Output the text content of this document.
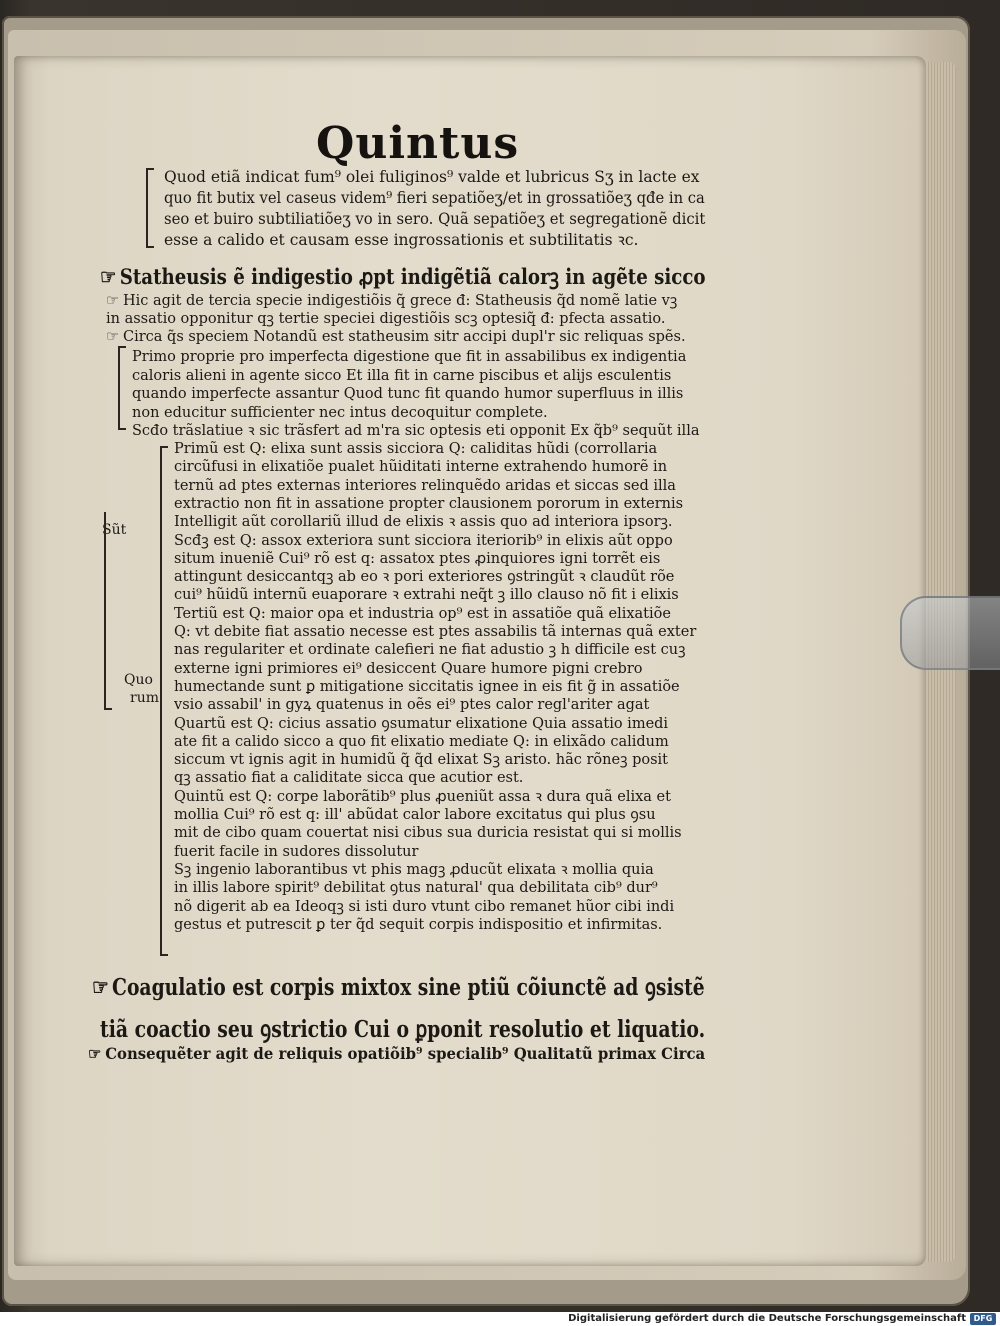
Quintus
Quod etiã indicat fum⁹ olei fuliginos⁹ valde et lubricus Sʒ in lacte ex
quo fit butix vel caseus videm⁹ fieri sepatiõeʒ/et in grossatiõeʒ qđe in ca
seo et buiro subtiliatiõeʒ vo in sero. Quã sepatiõeʒ et segregationẽ dicit
esse a calido et causam esse ingrossationis et subtilitatis ꝛc.
☞ Statheusis ẽ indigestio ꝓpt indigẽtiã calorꝫ in agẽte sicco
☞ Hic agit de tercia specie indigestiõis q̃ grece đ: Statheusis q̃d nomẽ latie vꝫ
in assatio opponitur qꝫ tertie speciei digestiõis scꝫ optesiq̃ đ: pfecta assatio.
☞ Circa q̃s speciem Notandũ est statheusim sitr accipi dupl'r sic reliquas spẽs.
Primo proprie pro imperfecta digestione que fit in assabilibus ex indigentia
caloris alieni in agente sicco Et illa fit in carne piscibus et alijs esculentis
quando imperfecte assantur Quod tunc fit quando humor superfluus in illis
non educitur sufficienter nec intus decoquitur complete.
Scđo trãslatiue ꝛ sic trãsfert ad m'ra sic optesis eti opponit Ex q̃b⁹ sequũt illa
Sũt
Quo
rum
Primũ est Q: elixa sunt assis sicciora Q: caliditas hũdi (corrollaria
circũfusi in elixatiõe pualet hũiditati interne extrahendo humorẽ in
ternũ ad ptes externas interiores relinquẽdo aridas et siccas sed illa
extractio non fit in assatione propter clausionem pororum in externis
Intelligit aũt corollariũ illud de elixis ꝛ assis quo ad interiora ipsorꝫ.
Scđꝫ est Q: assox exteriora sunt sicciora iteriorib⁹ in elixis aũt oppo
situm inueniẽ Cui⁹ rõ est q: assatox ptes ꝓinquiores igni torrẽt eis
attingunt desiccantqꝫ ab eo ꝛ pori exteriores ꝯstringũt ꝛ claudũt rõe
cui⁹ hũidũ internũ euaporare ꝛ extrahi neq̃t ꝫ illo clauso nõ fit i elixis
Tertiũ est Q: maior opa et industria op⁹ est in assatiõe quã elixatiõe
Q: vt debite fiat assatio necesse est ptes assabilis tã internas quã exter
nas regulariter et ordinate calefieri ne fiat adustio ꝫ h difficile est cuꝫ
externe igni primiores ei⁹ desiccent Quare humore pigni crebro
humectande sunt ꝑ mitigatione siccitatis ignee in eis fit g̃ in assatiõe
vsio assabil' in gyꝝ quatenus in oẽs ei⁹ ptes calor regl'ariter agat
Quartũ est Q: cicius assatio ꝯsumatur elixatione Quia assatio imedi
ate fit a calido sicco a quo fit elixatio mediate Q: in elixãdo calidum
siccum vt ignis agit in humidũ q̃ q̃d elixat Sꝫ aristo. hãc rõneꝫ posit
qꝫ assatio fiat a caliditate sicca que acutior est.
Quintũ est Q: corpe laborãtib⁹ plus ꝓueniũt assa ꝛ dura quã elixa et
mollia Cui⁹ rõ est q: ill' abũdat calor labore excitatus qui plus ꝯsu
mit de cibo quam couertat nisi cibus sua duricia resistat qui si mollis
fuerit facile in sudores dissolutur
Sꝫ ingenio laborantibus vt phis magꝫ ꝓducũt elixata ꝛ mollia quia
in illis labore spirit⁹ debilitat ꝯtus natural' qua debilitata cib⁹ dur⁹
nõ digerit ab ea Ideoqꝫ si isti duro vtunt cibo remanet hũor cibi indi
gestus et putrescit ꝑ ter q̃d sequit corpis indispositio et infirmitas.
☞ Coagulatio est corpis mixtox sine ptiũ cõiunctẽ ad ꝯsistẽ
tiã coactio seu ꝯstrictio Cui o ꝑponit resolutio et liquatio.
☞ Consequẽter agit de reliquis opatiõib⁹ specialib⁹ Qualitatũ primax Circa
Digitalisierung gefördert durch die Deutsche Forschungsgemeinschaft DFG
